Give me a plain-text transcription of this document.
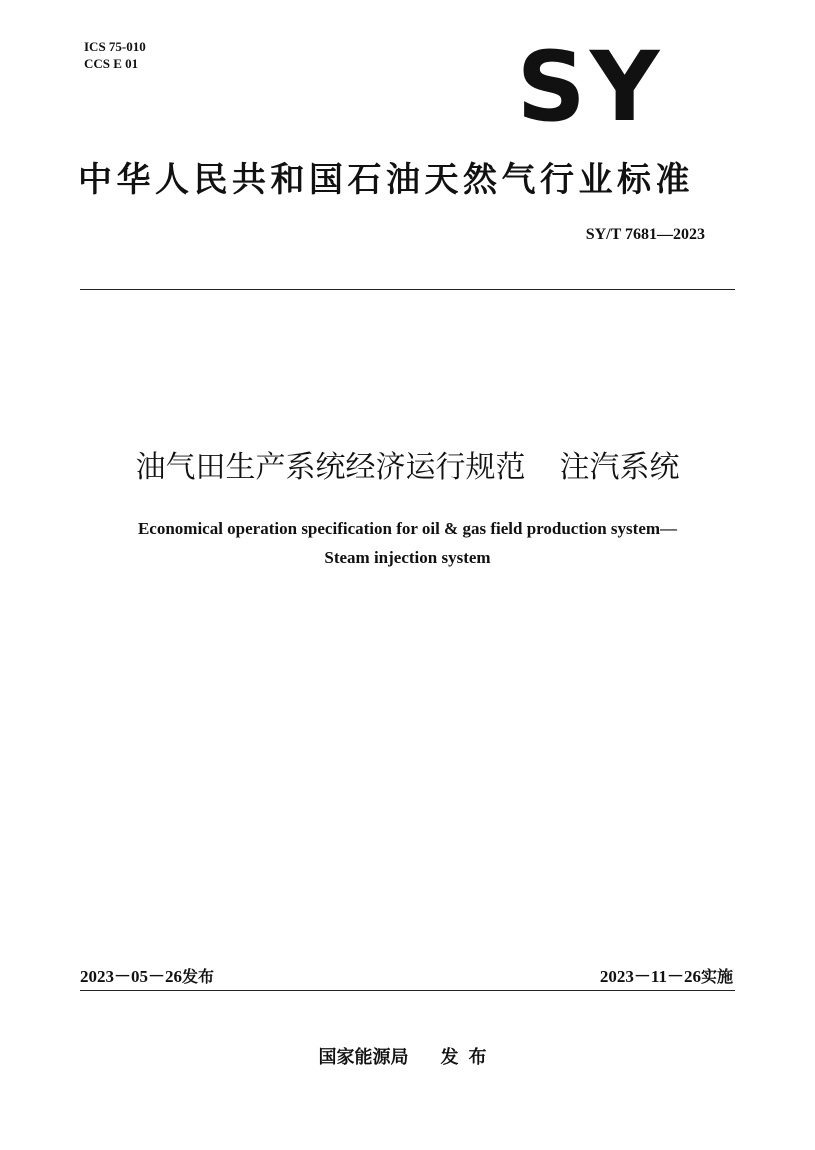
ICS 75-010
CCS E 01	SY
中华人民共和国石油天然气行业标准
SY/T 7681—2023
油气田生产系统经济运行规范 注汽系统
Economical operation specification for oil & gas field production system—
Steam injection system
2023－05－26发布	2023－11－26实施
国家能源局 发布
